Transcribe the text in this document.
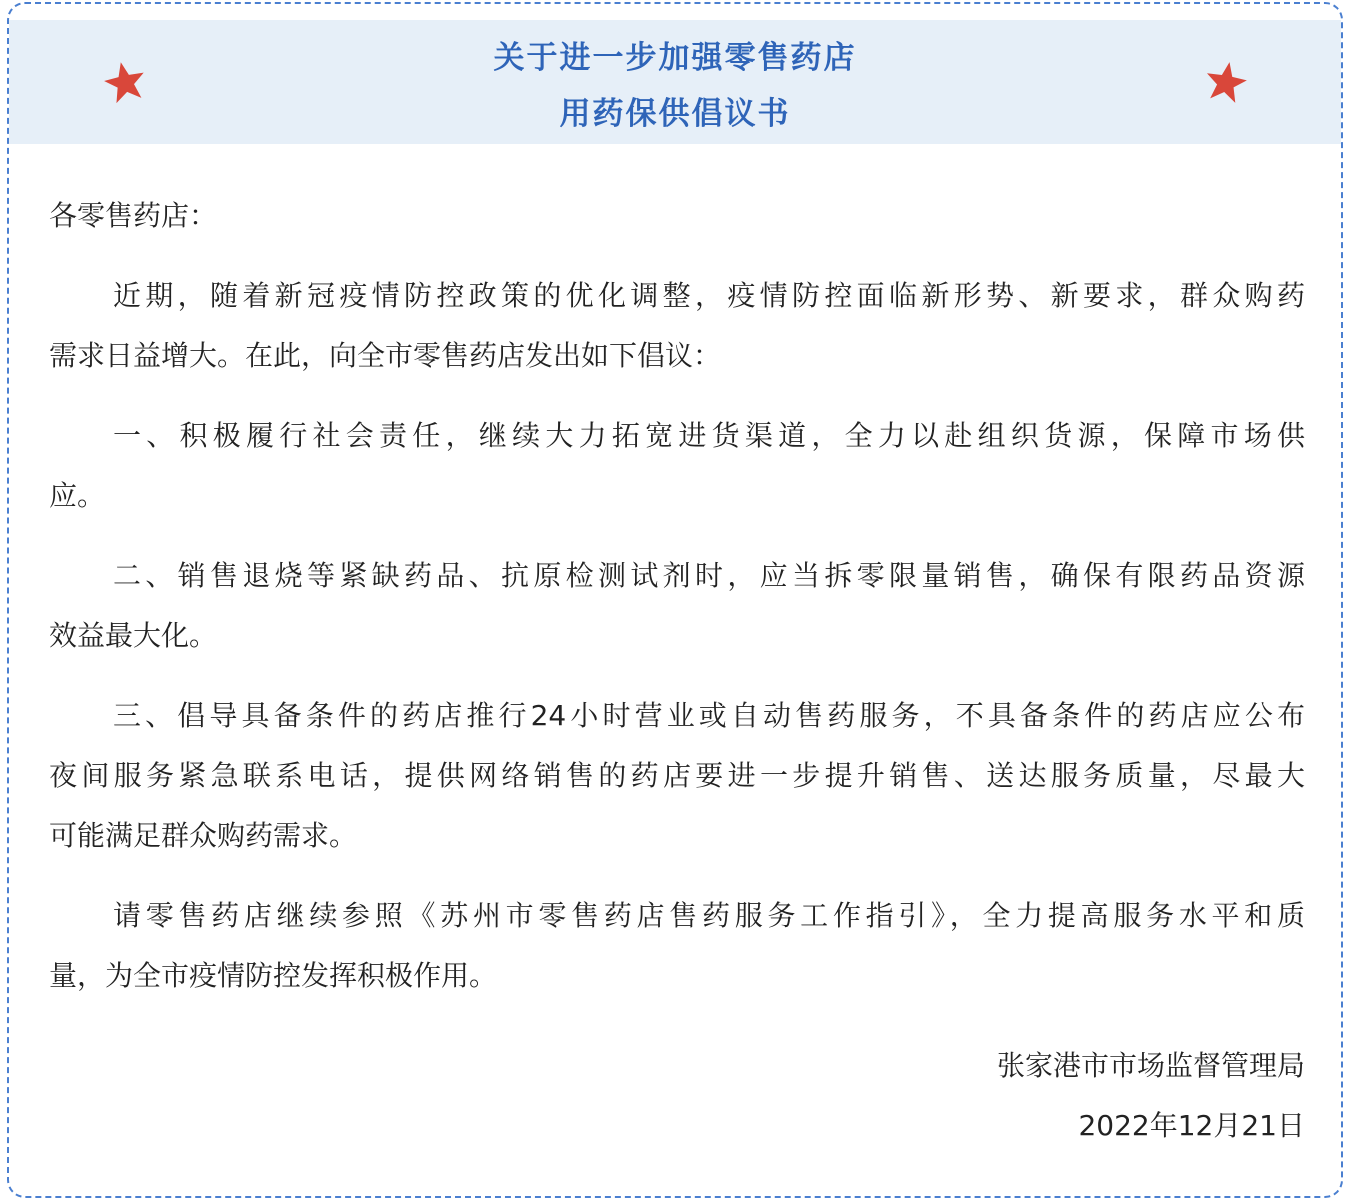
关于进一步加强零售药店
用药保供倡议书
各零售药店：
近期，随着新冠疫情防控政策的优化调整，疫情防控面临新形势、新要求，群众购药
需求日益增大。在此，向全市零售药店发出如下倡议：
一、积极履行社会责任，继续大力拓宽进货渠道，全力以赴组织货源，保障市场供
应。
二、销售退烧等紧缺药品、抗原检测试剂时，应当拆零限量销售，确保有限药品资源
效益最大化。
三、倡导具备条件的药店推行24小时营业或自动售药服务，不具备条件的药店应公布
夜间服务紧急联系电话，提供网络销售的药店要进一步提升销售、送达服务质量，尽最大
可能满足群众购药需求。
请零售药店继续参照《苏州市零售药店售药服务工作指引》，全力提高服务水平和质
量，为全市疫情防控发挥积极作用。
张家港市市场监督管理局
2022年12月21日
